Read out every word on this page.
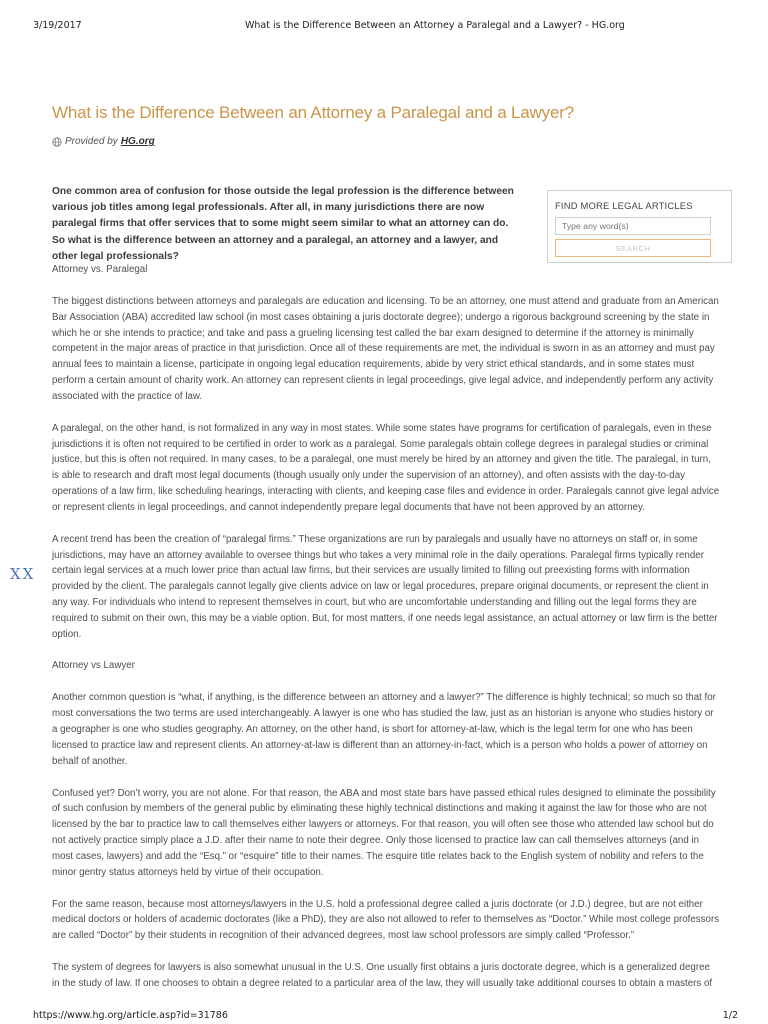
3/19/2017	What is the Difference Between an Attorney a Paralegal and a Lawyer? - HG.org
What is the Difference Between an Attorney a Paralegal and a Lawyer?
Provided by HG.org

One common area of confusion for those outside the legal profession is the difference between various job titles among legal professionals. After all, in many jurisdictions there are now paralegal firms that offer services that to some might seem similar to what an attorney can do. So what is the difference between an attorney and a paralegal, an attorney and a lawyer, and other legal professionals?

FIND MORE LEGAL ARTICLES
Type any word(s)
SEARCH
XX
Attorney vs. Paralegal

The biggest distinctions between attorneys and paralegals are education and licensing. To be an attorney, one must attend and graduate from an American Bar Association (ABA) accredited law school (in most cases obtaining a juris doctorate degree); undergo a rigorous background screening by the state in which he or she intends to practice; and take and pass a grueling licensing test called the bar exam designed to determine if the attorney is minimally competent in the major areas of practice in that jurisdiction. Once all of these requirements are met, the individual is sworn in as an attorney and must pay annual fees to maintain a license, participate in ongoing legal education requirements, abide by very strict ethical standards, and in some states must perform a certain amount of charity work. An attorney can represent clients in legal proceedings, give legal advice, and independently perform any activity associated with the practice of law.

A paralegal, on the other hand, is not formalized in any way in most states. While some states have programs for certification of paralegals, even in these jurisdictions it is often not required to be certified in order to work as a paralegal. Some paralegals obtain college degrees in paralegal studies or criminal justice, but this is often not required. In many cases, to be a paralegal, one must merely be hired by an attorney and given the title. The paralegal, in turn, is able to research and draft most legal documents (though usually only under the supervision of an attorney), and often assists with the day-to-day operations of a law firm, like scheduling hearings, interacting with clients, and keeping case files and evidence in order. Paralegals cannot give legal advice or represent clients in legal proceedings, and cannot independently prepare legal documents that have not been approved by an attorney.

A recent trend has been the creation of “paralegal firms.” These organizations are run by paralegals and usually have no attorneys on staff or, in some jurisdictions, may have an attorney available to oversee things but who takes a very minimal role in the daily operations. Paralegal firms typically render certain legal services at a much lower price than actual law firms, but their services are usually limited to filling out preexisting forms with information provided by the client. The paralegals cannot legally give clients advice on law or legal procedures, prepare original documents, or represent the client in any way. For individuals who intend to represent themselves in court, but who are uncomfortable understanding and filling out the legal forms they are required to submit on their own, this may be a viable option. But, for most matters, if one needs legal assistance, an actual attorney or law firm is the better option.

Attorney vs Lawyer

Another common question is “what, if anything, is the difference between an attorney and a lawyer?” The difference is highly technical; so much so that for most conversations the two terms are used interchangeably. A lawyer is one who has studied the law, just as an historian is anyone who studies history or a geographer is one who studies geography. An attorney, on the other hand, is short for attorney-at-law, which is the legal term for one who has been licensed to practice law and represent clients. An attorney-at-law is different than an attorney-in-fact, which is a person who holds a power of attorney on behalf of another.

Confused yet? Don’t worry, you are not alone. For that reason, the ABA and most state bars have passed ethical rules designed to eliminate the possibility of such confusion by members of the general public by eliminating these highly technical distinctions and making it against the law for those who are not licensed by the bar to practice law to call themselves either lawyers or attorneys. For that reason, you will often see those who attended law school but do not actively practice simply place a J.D. after their name to note their degree. Only those licensed to practice law can call themselves attorneys (and in most cases, lawyers) and add the “Esq.” or “esquire” title to their names. The esquire title relates back to the English system of nobility and refers to the minor gentry status attorneys held by virtue of their occupation.

For the same reason, because most attorneys/lawyers in the U.S. hold a professional degree called a juris doctorate (or J.D.) degree, but are not either medical doctors or holders of academic doctorates (like a PhD), they are also not allowed to refer to themselves as “Doctor.” While most college professors are called “Doctor” by their students in recognition of their advanced degrees, most law school professors are simply called “Professor.”

The system of degrees for lawyers is also somewhat unusual in the U.S. One usually first obtains a juris doctorate degree, which is a generalized degree in the study of law. If one chooses to obtain a degree related to a particular area of the law, they will usually take additional courses to obtain a masters of

https://www.hg.org/article.asp?id=31786	1/2
